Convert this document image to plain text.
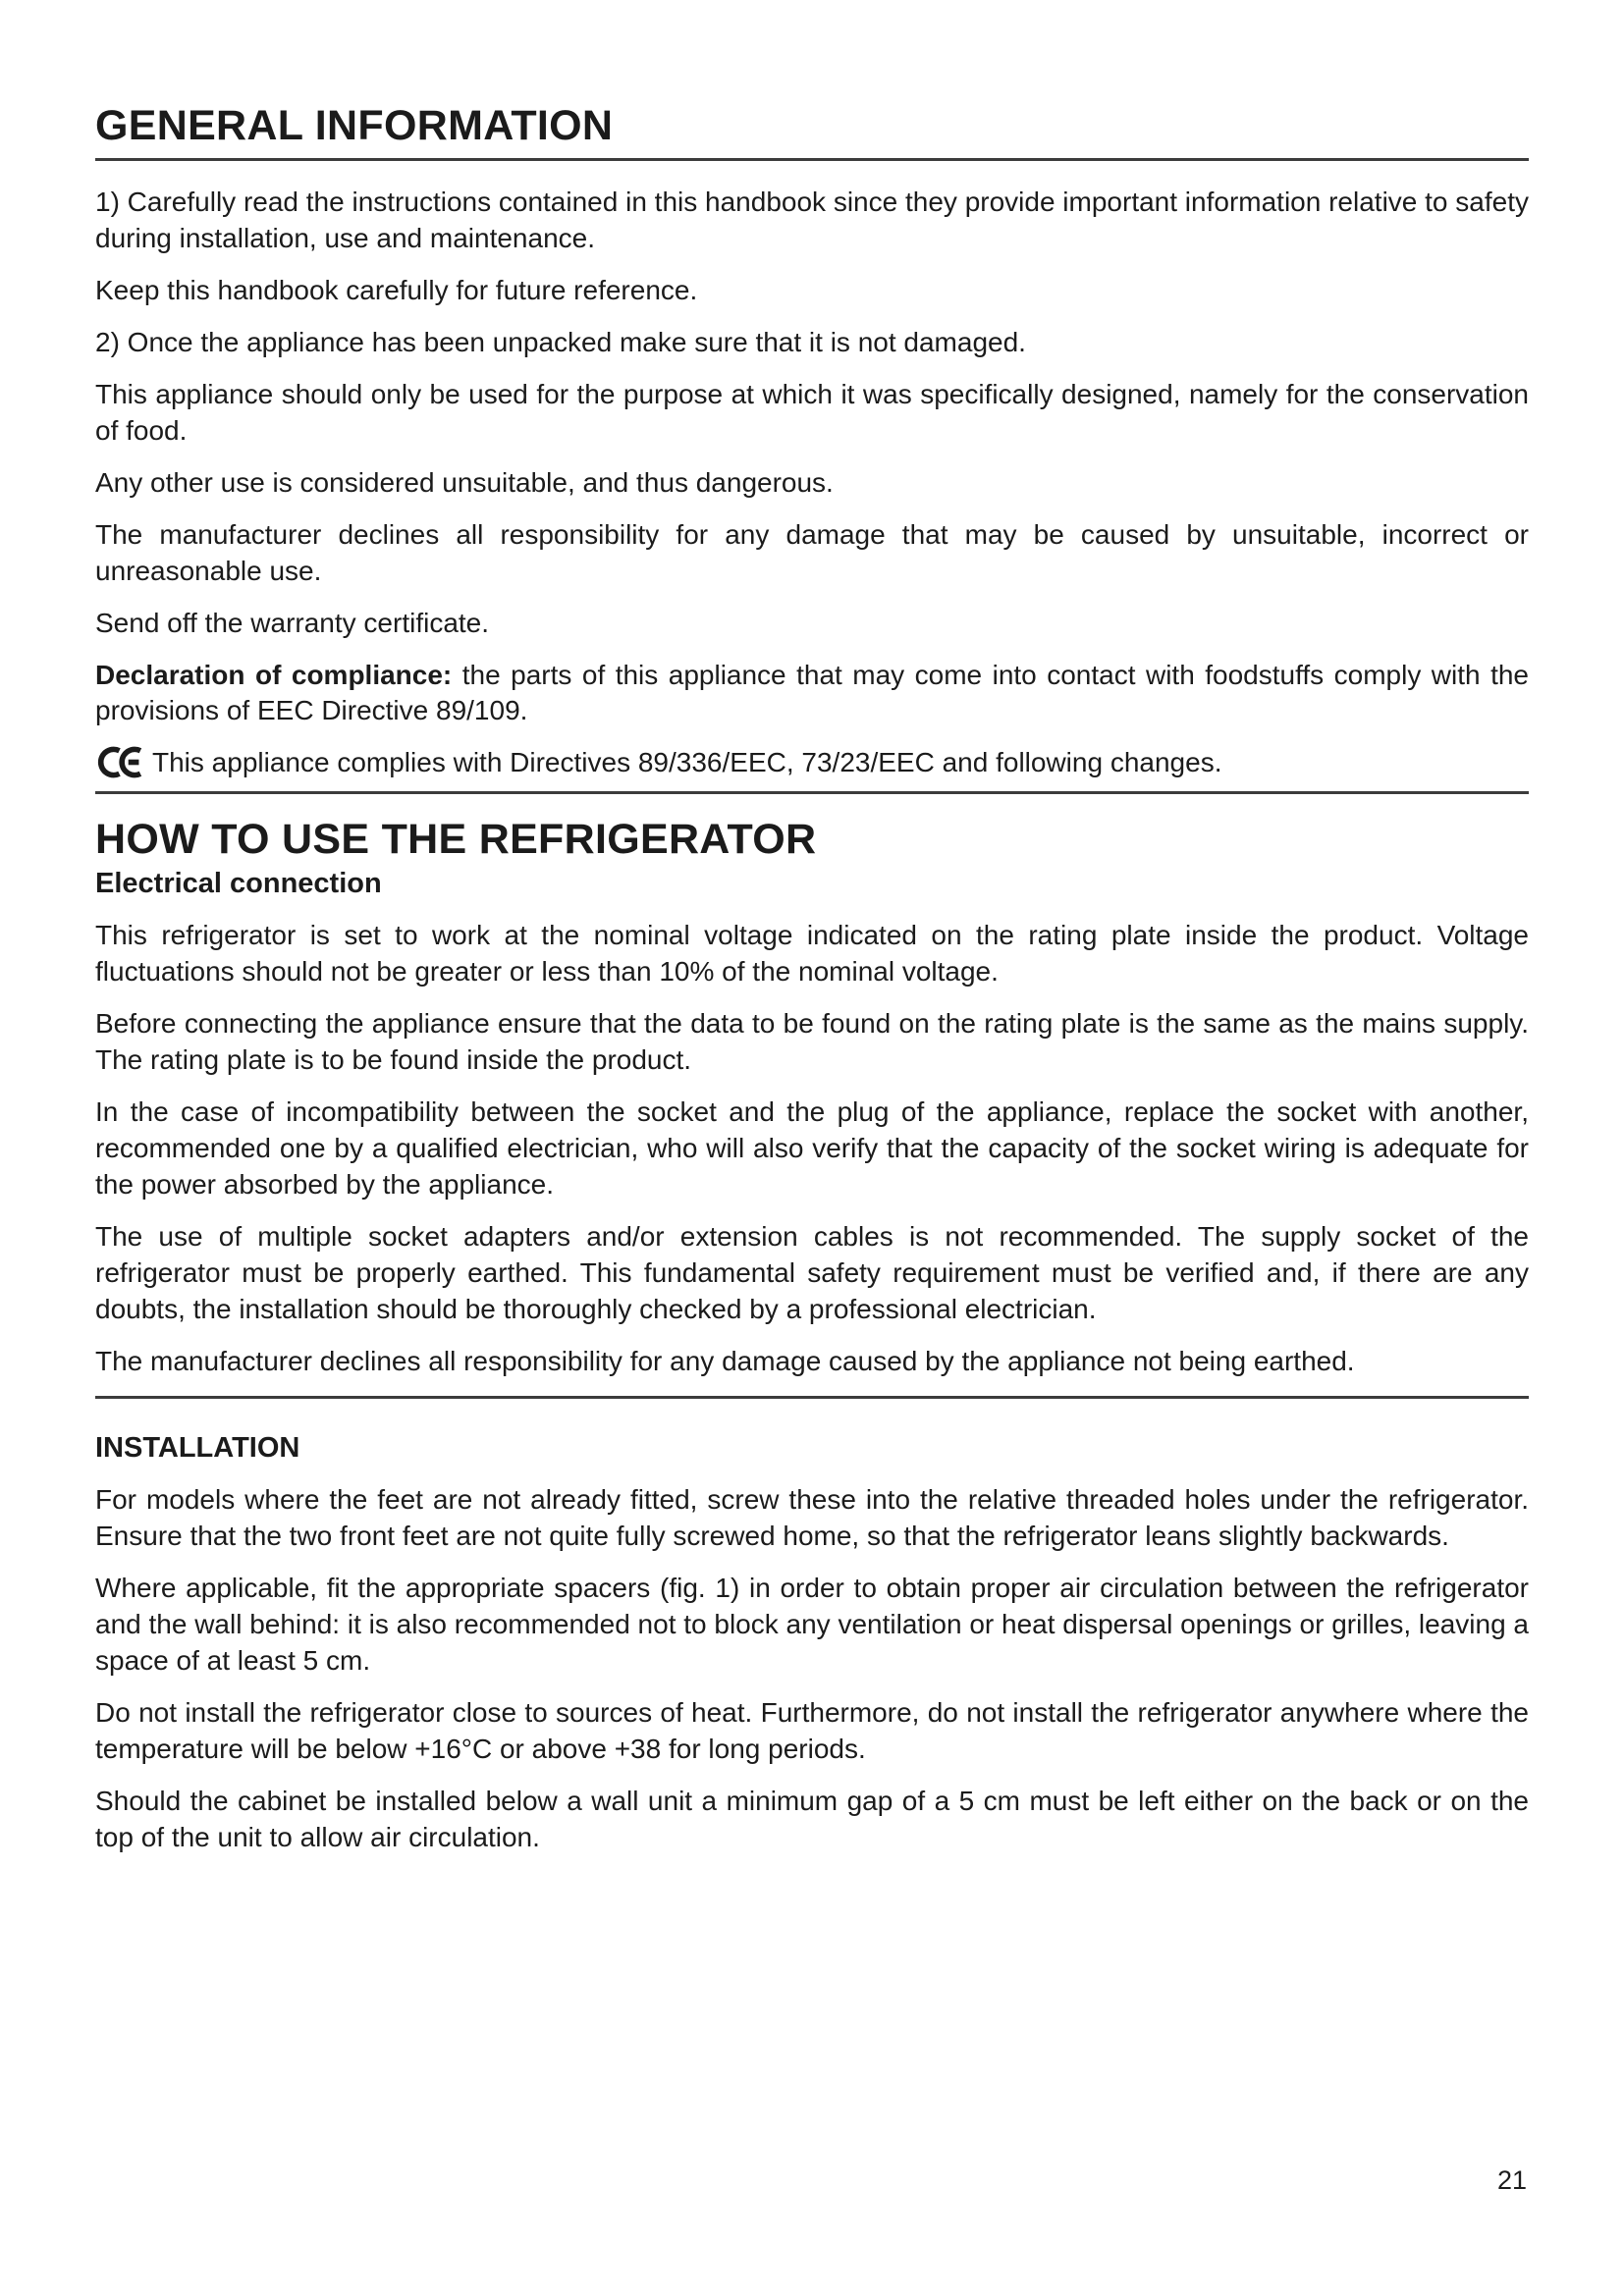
GENERAL INFORMATION

1) Carefully read the instructions contained in this handbook since they provide important information relative to safety during installation, use and maintenance.

Keep this handbook carefully for future reference.

2) Once the appliance has been unpacked make sure that it is not damaged.

This appliance should only be used for the purpose at which it was specifically designed, namely for the conservation of food.

Any other use is considered unsuitable, and thus dangerous.

The manufacturer declines all responsibility for any damage that may be caused by unsuitable, incorrect or unreasonable use.

Send off the warranty certificate.

Declaration of compliance: the parts of this appliance that may come into contact with foodstuffs comply with the provisions of EEC Directive 89/109.

This appliance complies with Directives 89/336/EEC, 73/23/EEC and following changes.

HOW TO USE THE REFRIGERATOR
Electrical connection

This refrigerator is set to work at the nominal voltage indicated on the rating plate inside the product. Voltage fluctuations should not be greater or less than 10% of the nominal voltage.

Before connecting the appliance ensure that the data to be found on the rating plate is the same as the mains supply. The rating plate is to be found inside the product.

In the case of incompatibility between the socket and the plug of the appliance, replace the socket with another, recommended one by a qualified electrician, who will also verify that the capacity of the socket wiring is adequate for the power absorbed by the appliance.

The use of multiple socket adapters and/or extension cables is not recommended. The supply socket of the refrigerator must be properly earthed. This fundamental safety requirement must be verified and, if there are any doubts, the installation should be thoroughly checked by a professional electrician.

The manufacturer declines all responsibility for any damage caused by the appliance not being earthed.

INSTALLATION

For models where the feet are not already fitted, screw these into the relative threaded holes under the refrigerator. Ensure that the two front feet are not quite fully screwed home, so that the refrigerator leans slightly backwards.

Where applicable, fit the appropriate spacers (fig. 1) in order to obtain proper air circulation between the refrigerator and the wall behind: it is also recommended not to block any ventilation or heat dispersal openings or grilles, leaving a space of at least 5 cm.

Do not install the refrigerator close to sources of heat. Furthermore, do not install the refrigerator anywhere where the temperature will be below +16°C or above +38 for long periods.

Should the cabinet be installed below a wall unit a minimum gap of a 5 cm must be left either on the back or on the top of the unit to allow air circulation.

21
